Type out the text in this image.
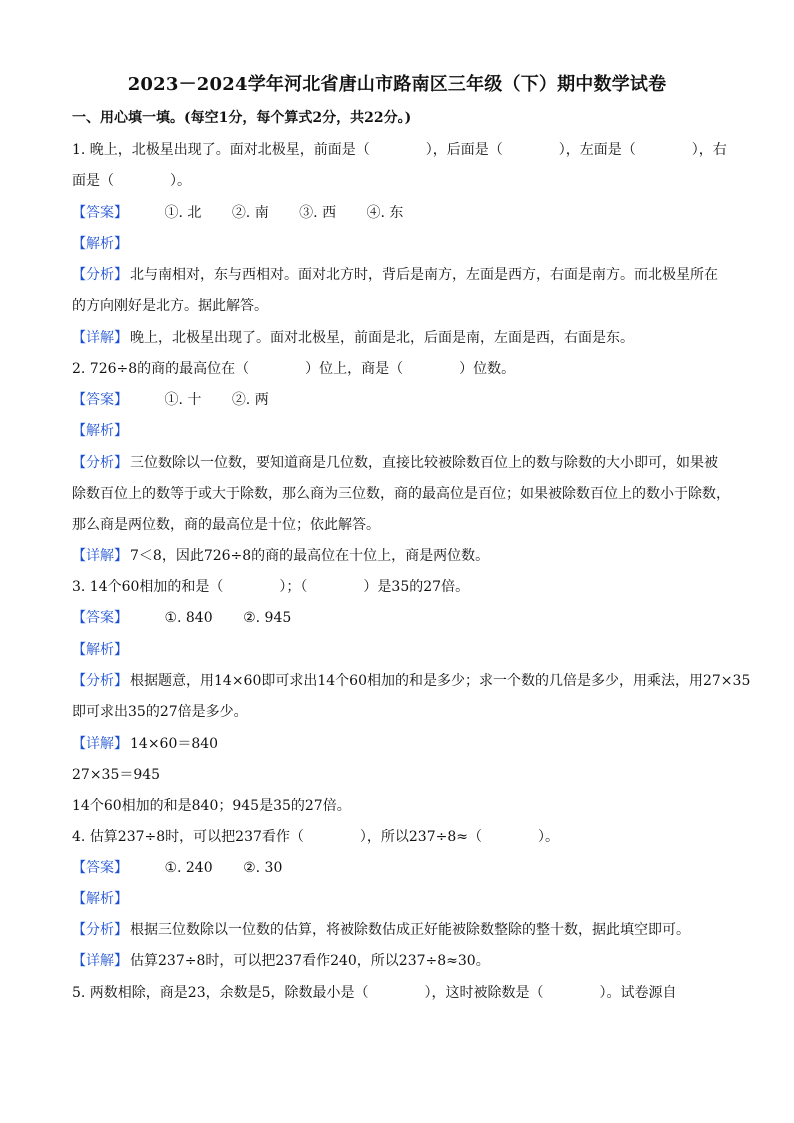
2023－2024学年河北省唐山市路南区三年级（下）期中数学试卷
一、用心填一填。(每空1分，每个算式2分，共22分。)
1. 晚上，北极星出现了。面对北极星，前面是（　　　　），后面是（　　　　），左面是（　　　　），右
面是（　　　　）。
【答案】	①. 北 ②. 南 ③. 西 ④. 东
【解析】
【分析】 北与南相对，东与西相对。面对北方时，背后是南方，左面是西方，右面是南方。而北极星所在
的方向刚好是北方。据此解答。
【详解】 晚上，北极星出现了。面对北极星，前面是北，后面是南，左面是西，右面是东。
2. 726÷8的商的最高位在（　　　　）位上，商是（　　　　）位数。
【答案】	①. 十 ②. 两
【解析】
【分析】 三位数除以一位数，要知道商是几位数，直接比较被除数百位上的数与除数的大小即可，如果被
除数百位上的数等于或大于除数，那么商为三位数，商的最高位是百位；如果被除数百位上的数小于除数，
那么商是两位数，商的最高位是十位；依此解答。
【详解】 7＜8，因此726÷8的商的最高位在十位上，商是两位数。
3. 14个60相加的和是（　　　　）；（　　　　）是35的27倍。
【答案】	①. 840 ②. 945
【解析】
【分析】 根据题意，用14×60即可求出14个60相加的和是多少；求一个数的几倍是多少，用乘法，用27×35
即可求出35的27倍是多少。
【详解】 14×60＝840
27×35＝945
14个60相加的和是840；945是35的27倍。
4. 估算237÷8时，可以把237看作（　　　　），所以237÷8≈（　　　　）。
【答案】	①. 240 ②. 30
【解析】
【分析】 根据三位数除以一位数的估算，将被除数估成正好能被除数整除的整十数，据此填空即可。
【详解】 估算237÷8时，可以把237看作240，所以237÷8≈30。
5. 两数相除，商是23，余数是5，除数最小是（　　　　），这时被除数是（　　　　）。试卷源自
